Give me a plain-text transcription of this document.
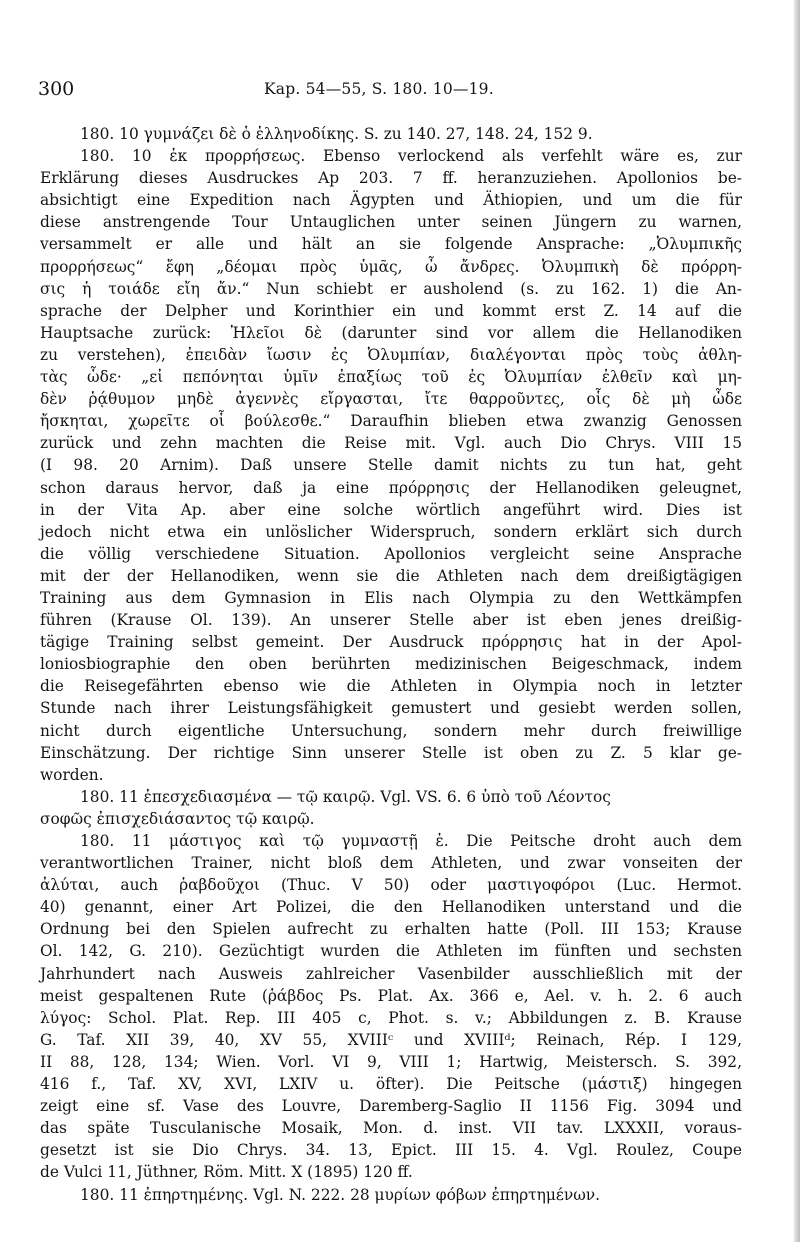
300	Kap. 54—55, S. 180. 10—19.
180. 10 γυμνάζει δὲ ὁ ἑλληνοδίκης. S. zu 140. 27, 148. 24, 152 9.
180. 10 ἐκ προρρήσεως. Ebenso verlockend als verfehlt wäre es, zur
Erklärung dieses Ausdruckes Ap 203. 7 ff. heranzuziehen. Apollonios be-
absichtigt eine Expedition nach Ägypten und Äthiopien, und um die für
diese anstrengende Tour Untauglichen unter seinen Jüngern zu warnen,
versammelt er alle und hält an sie folgende Ansprache: „Ὀλυμπικῆς
προρρήσεως“ ἔφη „δέομαι πρὸς ὑμᾶς, ὦ ἄνδρες. Ὀλυμπικὴ δὲ πρόρρη-
σις ἡ τοιάδε εἴη ἄν.“ Nun schiebt er ausholend (s. zu 162. 1) die An-
sprache der Delpher und Korinthier ein und kommt erst Z. 14 auf die
Hauptsache zurück: Ἠλεῖοι δὲ (darunter sind vor allem die Hellanodiken
zu verstehen), ἐπειδὰν ἴωσιν ἐς Ὀλυμπίαν, διαλέγονται πρὸς τοὺς ἀθλη-
τὰς ὧδε· „εἰ πεπόνηται ὑμῖν ἐπαξίως τοῦ ἐς Ὀλυμπίαν ἐλθεῖν καὶ μη-
δὲν ῥᾴθυμον μηδὲ ἀγεννὲς εἴργασται, ἴτε θαρροῦντες, οἷς δὲ μὴ ὧδε
ἤσκηται, χωρεῖτε οἷ βούλεσθε.“ Daraufhin blieben etwa zwanzig Genossen
zurück und zehn machten die Reise mit. Vgl. auch Dio Chrys. VIII 15
(I 98. 20 Arnim). Daß unsere Stelle damit nichts zu tun hat, geht
schon daraus hervor, daß ja eine πρόρρησις der Hellanodiken geleugnet,
in der Vita Ap. aber eine solche wörtlich angeführt wird. Dies ist
jedoch nicht etwa ein unlöslicher Widerspruch, sondern erklärt sich durch
die völlig verschiedene Situation. Apollonios vergleicht seine Ansprache
mit der der Hellanodiken, wenn sie die Athleten nach dem dreißigtägigen
Training aus dem Gymnasion in Elis nach Olympia zu den Wettkämpfen
führen (Krause Ol. 139). An unserer Stelle aber ist eben jenes dreißig-
tägige Training selbst gemeint. Der Ausdruck πρόρρησις hat in der Apol-
loniosbiographie den oben berührten medizinischen Beigeschmack, indem
die Reisegefährten ebenso wie die Athleten in Olympia noch in letzter
Stunde nach ihrer Leistungsfähigkeit gemustert und gesiebt werden sollen,
nicht durch eigentliche Untersuchung, sondern mehr durch freiwillige
Einschätzung. Der richtige Sinn unserer Stelle ist oben zu Z. 5 klar ge-
worden.
180. 11 ἐπεσχεδιασμένα — τῷ καιρῷ. Vgl. VS. 6. 6 ὑπὸ τοῦ Λέοντος
σοφῶς ἐπισχεδιάσαντος τῷ καιρῷ.
180. 11 μάστιγος καὶ τῷ γυμναστῇ ἑ. Die Peitsche droht auch dem
verantwortlichen Trainer, nicht bloß dem Athleten, und zwar vonseiten der
ἀλύται, auch ῥαβδοῦχοι (Thuc. V 50) oder μαστιγοφόροι (Luc. Hermot.
40) genannt, einer Art Polizei, die den Hellanodiken unterstand und die
Ordnung bei den Spielen aufrecht zu erhalten hatte (Poll. III 153; Krause
Ol. 142, G. 210). Gezüchtigt wurden die Athleten im fünften und sechsten
Jahrhundert nach Ausweis zahlreicher Vasenbilder ausschließlich mit der
meist gespaltenen Rute (ῥάβδος Ps. Plat. Ax. 366 e, Ael. v. h. 2. 6 auch
λύγος: Schol. Plat. Rep. III 405 c, Phot. s. v.; Abbildungen z. B. Krause
G. Taf. XII 39, 40, XV 55, XVIIIᶜ und XVIIIᵈ; Reinach, Rép. I 129,
II 88, 128, 134; Wien. Vorl. VI 9, VIII 1; Hartwig, Meistersch. S. 392,
416 f., Taf. XV, XVI, LXIV u. öfter). Die Peitsche (μάστιξ) hingegen
zeigt eine sf. Vase des Louvre, Daremberg-Saglio II 1156 Fig. 3094 und
das späte Tusculanische Mosaik, Mon. d. inst. VII tav. LXXXII, voraus-
gesetzt ist sie Dio Chrys. 34. 13, Epict. III 15. 4. Vgl. Roulez, Coupe
de Vulci 11, Jüthner, Röm. Mitt. X (1895) 120 ff.
180. 11 ἐπηρτημένης. Vgl. N. 222. 28 μυρίων φόβων ἐπηρτημένων.
